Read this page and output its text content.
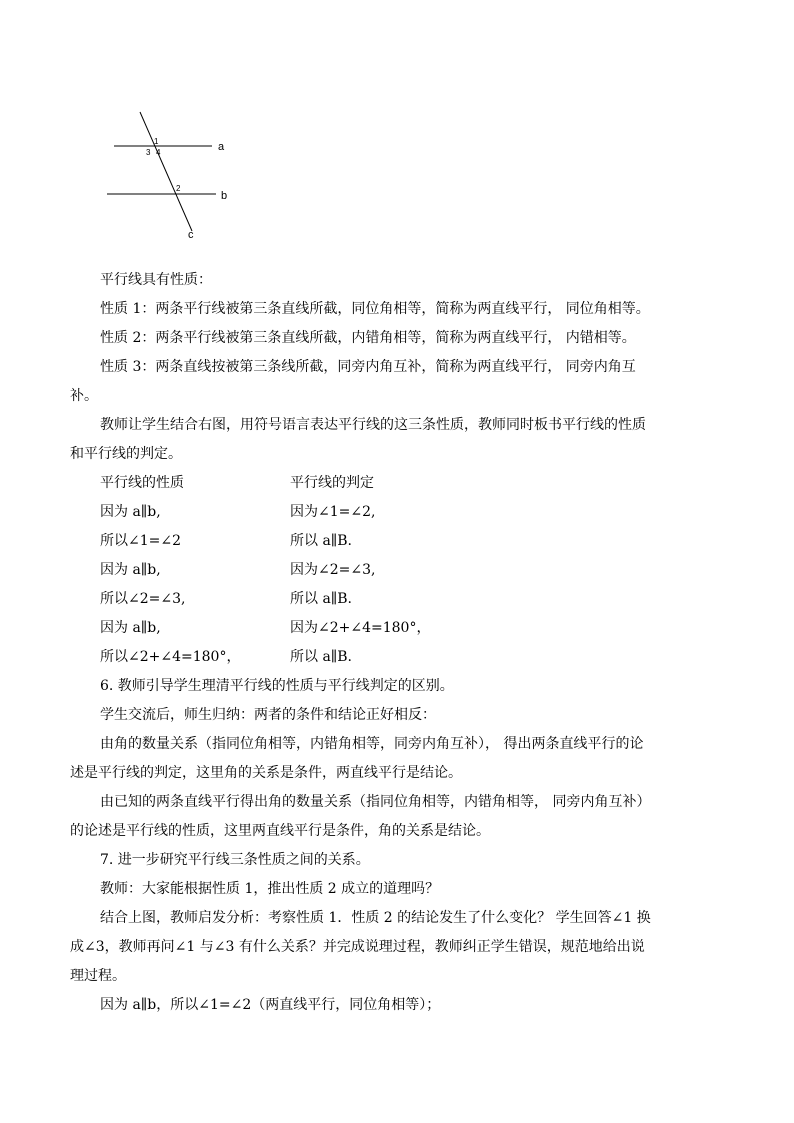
a
b
c
1
3 4
2
平行线具有性质：
性质 1：两条平行线被第三条直线所截，同位角相等，简称为两直线平行， 同位角相等。
性质 2：两条平行线被第三条直线所截，内错角相等，简称为两直线平行， 内错相等。
性质 3：两条直线按被第三条线所截，同旁内角互补，简称为两直线平行， 同旁内角互
补。
教师让学生结合右图，用符号语言表达平行线的这三条性质，教师同时板书平行线的性质
和平行线的判定。
平行线的性质	平行线的判定
因为 a∥b,	因为∠1=∠2,
所以∠1=∠2	所以 a∥B.
因为 a∥b,	因为∠2=∠3,
所以∠2=∠3,	所以 a∥B.
因为 a∥b,	因为∠2+∠4=180°，
所以∠2+∠4=180°，	所以 a∥B.
6. 教师引导学生理清平行线的性质与平行线判定的区别。
学生交流后，师生归纳：两者的条件和结论正好相反：
由角的数量关系（指同位角相等，内错角相等，同旁内角互补）， 得出两条直线平行的论
述是平行线的判定，这里角的关系是条件，两直线平行是结论。
由已知的两条直线平行得出角的数量关系（指同位角相等，内错角相等， 同旁内角互补）
的论述是平行线的性质，这里两直线平行是条件，角的关系是结论。
7. 进一步研究平行线三条性质之间的关系。
教师：大家能根据性质 1，推出性质 2 成立的道理吗？
结合上图，教师启发分析：考察性质 1．性质 2 的结论发生了什么变化？ 学生回答∠1 换
成∠3，教师再问∠1 与∠3 有什么关系？并完成说理过程，教师纠正学生错误，规范地给出说
理过程。
因为 a∥b，所以∠1=∠2（两直线平行，同位角相等）；
